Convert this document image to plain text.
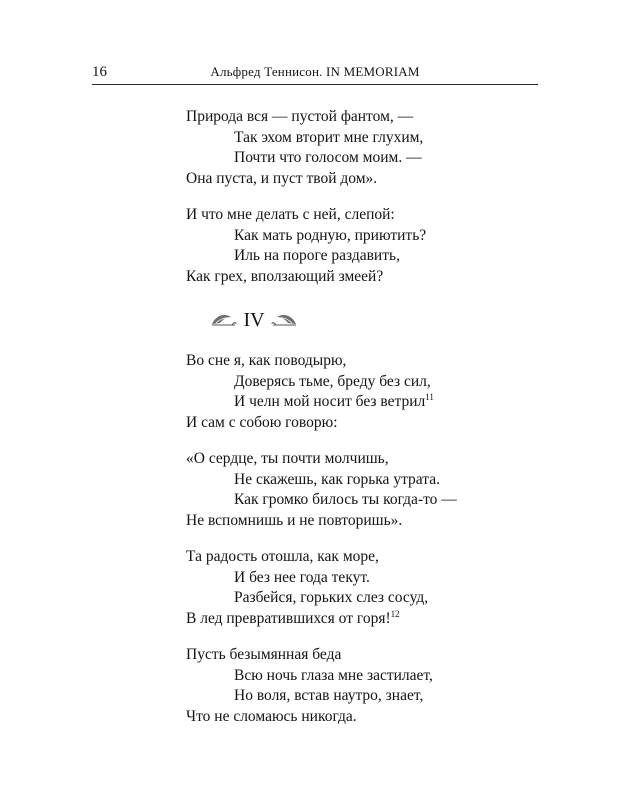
16	Альфред Теннисон. IN MEMORIAM
Природа вся — пустой фантом, —
Так эхом вторит мне глухим,
Почти что голосом моим. —
Она пуста, и пуст твой дом».
И что мне делать с ней, слепой:
Как мать родную, приютить?
Иль на пороге раздавить,
Как грех, вползающий змеей?
IV
Во сне я, как поводырю,
Доверясь тьме, бреду без сил,
И челн мой носит без ветрил$^{11}$
И сам с собою говорю:
«О сердце, ты почти молчишь,
Не скажешь, как горька утрата.
Как громко билось ты когда-то —
Не вспомнишь и не повторишь».
Та радость отошла, как море,
И без нее года текут.
Разбейся, горьких слез сосуд,
В лед превратившихся от горя!$^{12}$
Пусть безымянная беда
Всю ночь глаза мне застилает,
Но воля, встав наутро, знает,
Что не сломаюсь никогда.
